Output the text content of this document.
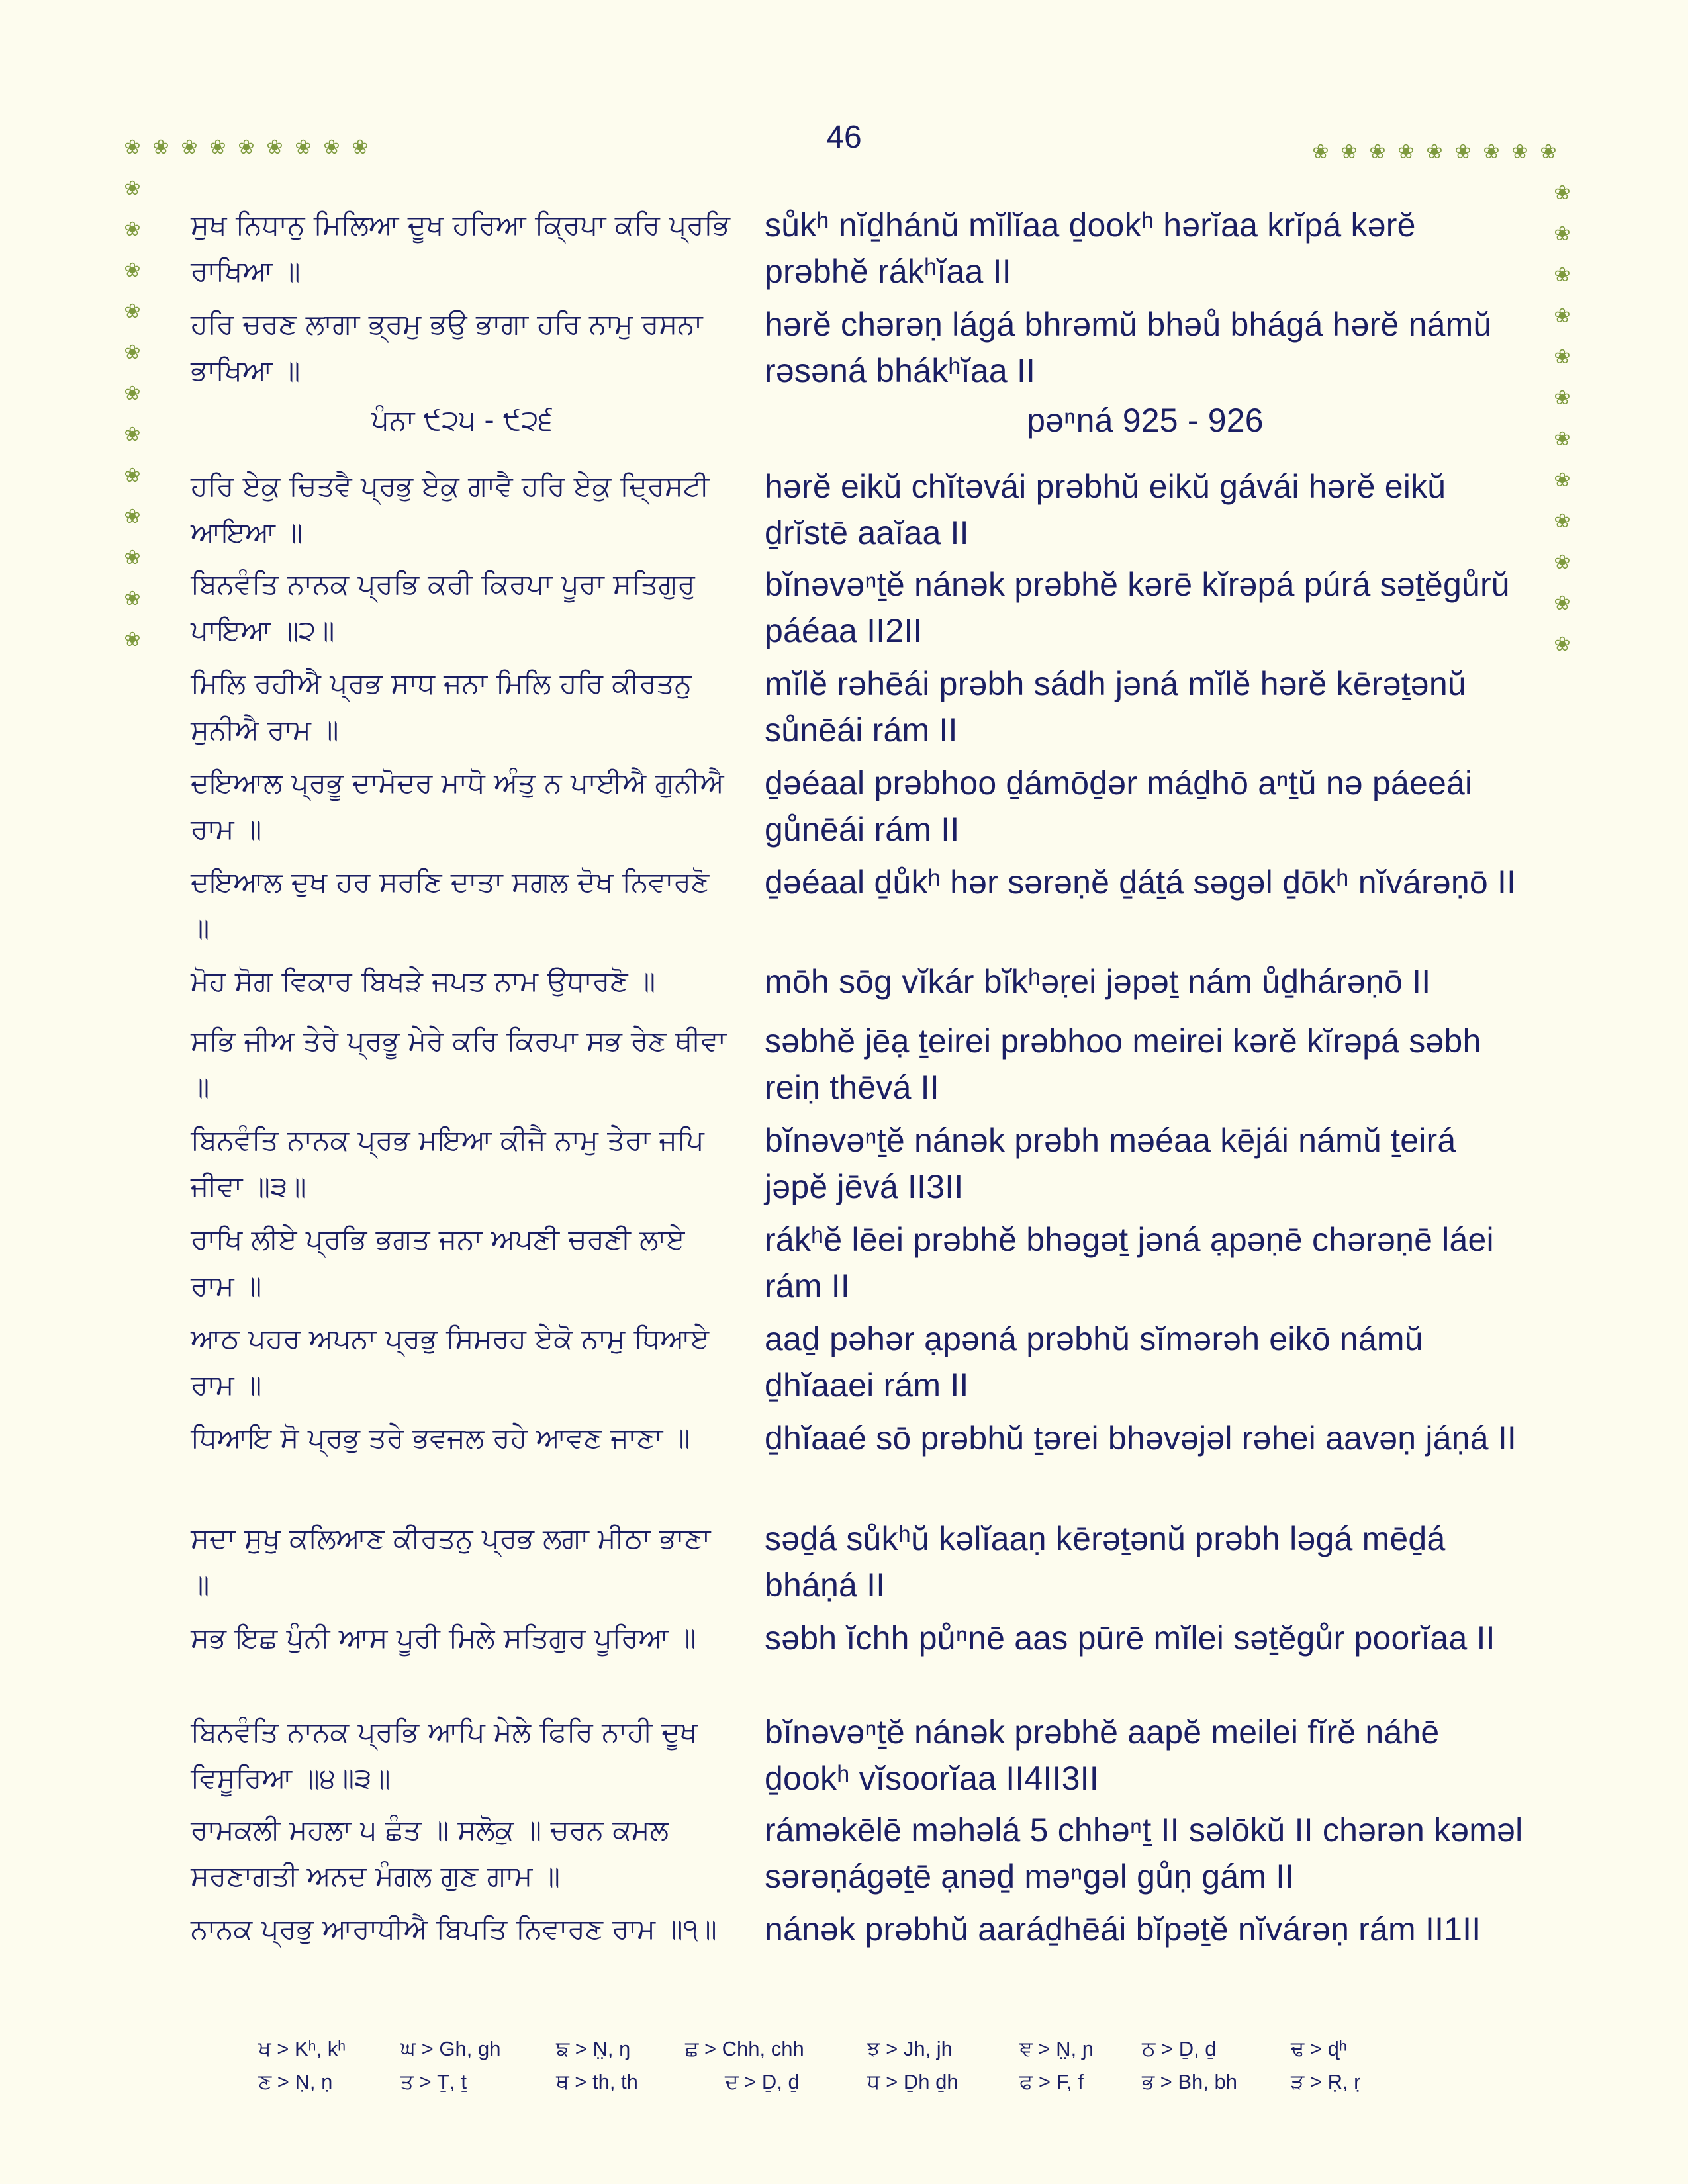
46
❀ ❀ ❀ ❀ ❀ ❀ ❀ ❀ ❀
❀
❀
❀
❀
❀
❀
❀
❀
❀
❀
❀
❀
❀ ❀ ❀ ❀ ❀ ❀ ❀ ❀ ❀
❀
❀
❀
❀
❀
❀
❀
❀
❀
❀
❀
❀
ਸੁਖ ਨਿਧਾਨੁ ਮਿਲਿਆ ਦੂਖ ਹਰਿਆ ਕ੍ਰਿਪਾ ਕਰਿ ਪ੍ਰਭਿ ਰਾਖਿਆ ॥
sůkʰ nĭḏhánŭ mĭlĭaa ḏookʰ hərĭaa krĭpá kərĕ prəbhĕ rákʰĭaa II
ਹਰਿ ਚਰਣ ਲਾਗਾ ਭ੍ਰਮੁ ਭਉ ਭਾਗਾ ਹਰਿ ਨਾਮੁ ਰਸਨਾ ਭਾਖਿਆ ॥
hərĕ chərəṇ lágá bhrəmŭ bhəů bhágá hərĕ námŭ rəsəná bhákʰĭaa II
ਪੰਨਾ ੯੨੫ - ੯੨੬	pəⁿná 925 - 926
ਹਰਿ ਏਕੁ ਚਿਤਵੈ ਪ੍ਰਭੁ ਏਕੁ ਗਾਵੈ ਹਰਿ ਏਕੁ ਦ੍ਰਿਸਟੀ ਆਇਆ ॥
hərĕ eikŭ chĭtəvái prəbhŭ eikŭ gávái hərĕ eikŭ ḏrĭstē aaĭaa II
ਬਿਨਵੰਤਿ ਨਾਨਕ ਪ੍ਰਭਿ ਕਰੀ ਕਿਰਪਾ ਪੂਰਾ ਸਤਿਗੁਰੁ ਪਾਇਆ ॥੨॥
bĭnəvəⁿṯĕ nánək prəbhĕ kərē kĭrəpá púrá səṯĕgůrŭ páéaa II2II
ਮਿਲਿ ਰਹੀਐ ਪ੍ਰਭ ਸਾਧ ਜਨਾ ਮਿਲਿ ਹਰਿ ਕੀਰਤਨੁ ਸੁਨੀਐ ਰਾਮ ॥
mĭlĕ rəhēái prəbh sádh jəná mĭlĕ hərĕ kērəṯənŭ sůnēái rám II
ਦਇਆਲ ਪ੍ਰਭੂ ਦਾਮੋਦਰ ਮਾਧੋ ਅੰਤੁ ਨ ਪਾਈਐ ਗੁਨੀਐ ਰਾਮ ॥
ḏəéaal prəbhoo ḏámōḏər máḏhō aⁿṯŭ nə páeeái gůnēái rám II
ਦਇਆਲ ਦੁਖ ਹਰ ਸਰਣਿ ਦਾਤਾ ਸਗਲ ਦੋਖ ਨਿਵਾਰਣੋ ॥
ḏəéaal ḏůkʰ hər sərəṇĕ ḏáṯá səgəl ḏōkʰ nĭvárəṇō II
ਮੋਹ ਸੋਗ ਵਿਕਾਰ ਬਿਖੜੇ ਜਪਤ ਨਾਮ ਉਧਾਰਣੋ ॥	mōh sōg vĭkár bĭkʰəṛei jəpəṯ nám ůḏhárəṇō II
ਸਭਿ ਜੀਅ ਤੇਰੇ ਪ੍ਰਭੂ ਮੇਰੇ ਕਰਿ ਕਿਰਪਾ ਸਭ ਰੇਣ ਥੀਵਾ ॥
səbhĕ jēạ ṯeirei prəbhoo meirei kərĕ kĭrəpá səbh reiṇ thēvá II
ਬਿਨਵੰਤਿ ਨਾਨਕ ਪ੍ਰਭ ਮਇਆ ਕੀਜੈ ਨਾਮੁ ਤੇਰਾ ਜਪਿ ਜੀਵਾ ॥੩॥
bĭnəvəⁿṯĕ nánək prəbh məéaa kējái námŭ ṯeirá jəpĕ jēvá II3II
ਰਾਖਿ ਲੀਏ ਪ੍ਰਭਿ ਭਗਤ ਜਨਾ ਅਪਣੀ ਚਰਣੀ ਲਾਏ ਰਾਮ ॥
rákʰĕ lēei prəbhĕ bhəgəṯ jəná ạpəṇē chərəṇē láei rám II
ਆਠ ਪਹਰ ਅਪਨਾ ਪ੍ਰਭੁ ਸਿਮਰਹ ਏਕੋ ਨਾਮੁ ਧਿਆਏ ਰਾਮ ॥
aaḏ pəhər ạpəná prəbhŭ sĭmərəh eikō námŭ ḏhĭaaei rám II
ਧਿਆਇ ਸੋ ਪ੍ਰਭੁ ਤਰੇ ਭਵਜਲ ਰਹੇ ਆਵਣ ਜਾਣਾ ॥	ḏhĭaaé sō prəbhŭ ṯərei bhəvəjəl rəhei aavəṇ jáṇá II
ਸਦਾ ਸੁਖੁ ਕਲਿਆਣ ਕੀਰਤਨੁ ਪ੍ਰਭ ਲਗਾ ਮੀਠਾ ਭਾਣਾ ॥
səḏá sůkʰŭ kəlĭaaṇ kērəṯənŭ prəbh ləgá mēḏá bháṇá II
ਸਭ ਇਛ ਪੁੰਨੀ ਆਸ ਪੂਰੀ ਮਿਲੇ ਸਤਿਗੁਰ ਪੂਰਿਆ ॥	səbh ĭchh půⁿnē aas pūrē mĭlei səṯĕgůr poorĭaa II
ਬਿਨਵੰਤਿ ਨਾਨਕ ਪ੍ਰਭਿ ਆਪਿ ਮੇਲੇ ਫਿਰਿ ਨਾਹੀ ਦੂਖ ਵਿਸੂਰਿਆ ॥੪॥੩॥
bĭnəvəⁿṯĕ nánək prəbhĕ aapĕ meilei fĭrĕ náhē ḏookʰ vĭsoorĭaa II4II3II
ਰਾਮਕਲੀ ਮਹਲਾ ੫ ਛੰਤ ॥ ਸਲੋਕੁ ॥ ਚਰਨ ਕਮਲ ਸਰਣਾਗਤੀ ਅਨਦ ਮੰਗਲ ਗੁਣ ਗਾਮ ॥
ráməkēlē məhəlá 5 chhəⁿṯ II səlōkŭ II chərən kəməl sərəṇágəṯē ạnəḏ məⁿgəl gůṇ gám II
ਨਾਨਕ ਪ੍ਰਭੁ ਆਰਾਧੀਐ ਬਿਪਤਿ ਨਿਵਾਰਣ ਰਾਮ ॥੧॥	nánək prəbhŭ aaráḏhēái bĭpəṯĕ nĭvárəṇ rám II1II
ਖ > Kʰ, kʰ	ਘ > Gh, gh	ਙ > N̤, ŋ	ਛ > Chh, chh	ਝ > Jh, jh	ਞ > N̤, ɲ ਠ > Ḏ, ḏ	ਢ > ɖʰ
ਣ > Ṇ, ṇ	ਤ > Ṯ, ṯ	ਥ > th, th	ਦ > Ḏ, ḏ	ਧ > Ḏh ḏh	ਫ > F, f	ਭ > Bh, bh	ੜ > Ṛ, ṛ
